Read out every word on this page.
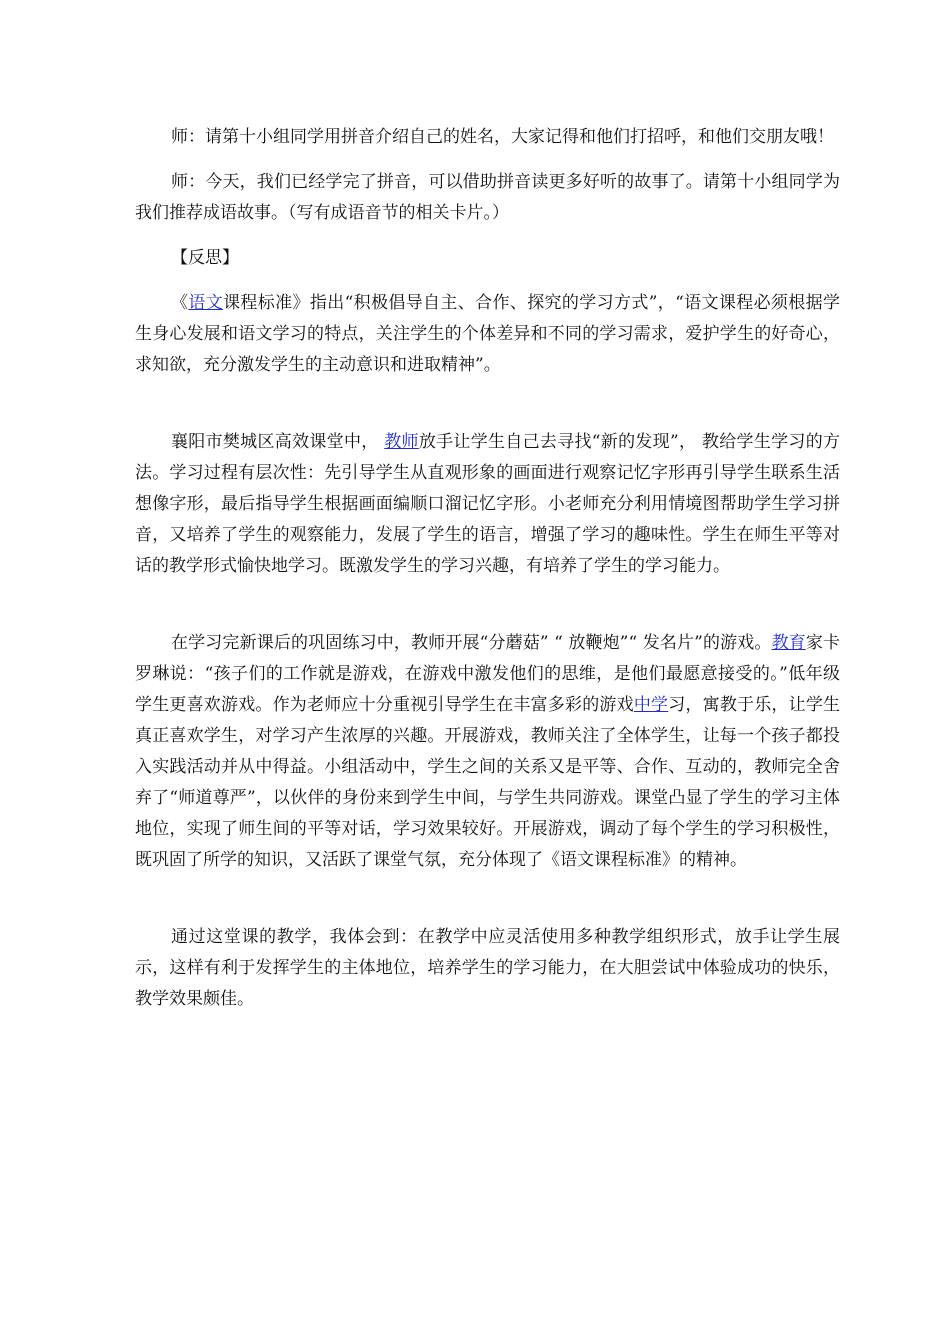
师：请第十小组同学用拼音介绍自己的姓名，大家记得和他们打招呼，和他们交朋友哦！

师：今天，我们已经学完了拼音，可以借助拼音读更多好听的故事了。请第十小组同学为我们推荐成语故事。（写有成语音节的相关卡片。）

【反思】

《语文课程标准》指出“积极倡导自主、合作、探究的学习方式”，“语文课程必须根据学生身心发展和语文学习的特点，关注学生的个体差异和不同的学习需求，爱护学生的好奇心，求知欲，充分激发学生的主动意识和进取精神”。

襄阳市樊城区高效课堂中， 教师放手让学生自己去寻找“新的发现”， 教给学生学习的方法。学习过程有层次性：先引导学生从直观形象的画面进行观察记忆字形再引导学生联系生活想像字形，最后指导学生根据画面编顺口溜记忆字形。小老师充分利用情境图帮助学生学习拼音，又培养了学生的观察能力，发展了学生的语言，增强了学习的趣味性。学生在师生平等对话的教学形式愉快地学习。既激发学生的学习兴趣，有培养了学生的学习能力。

在学习完新课后的巩固练习中，教师开展“分蘑菇” “ 放鞭炮”“ 发名片”的游戏。教育家卡罗琳说：“孩子们的工作就是游戏，在游戏中激发他们的思维，是他们最愿意接受的。”低年级学生更喜欢游戏。作为老师应十分重视引导学生在丰富多彩的游戏中学习，寓教于乐，让学生真正喜欢学生，对学习产生浓厚的兴趣。开展游戏，教师关注了全体学生，让每一个孩子都投入实践活动并从中得益。小组活动中，学生之间的关系又是平等、合作、互动的，教师完全舍弃了“师道尊严”，以伙伴的身份来到学生中间，与学生共同游戏。课堂凸显了学生的学习主体地位，实现了师生间的平等对话，学习效果较好。开展游戏，调动了每个学生的学习积极性，既巩固了所学的知识，又活跃了课堂气氛，充分体现了《语文课程标准》的精神。

通过这堂课的教学，我体会到：在教学中应灵活使用多种教学组织形式，放手让学生展示，这样有利于发挥学生的主体地位，培养学生的学习能力，在大胆尝试中体验成功的快乐，教学效果颇佳。
